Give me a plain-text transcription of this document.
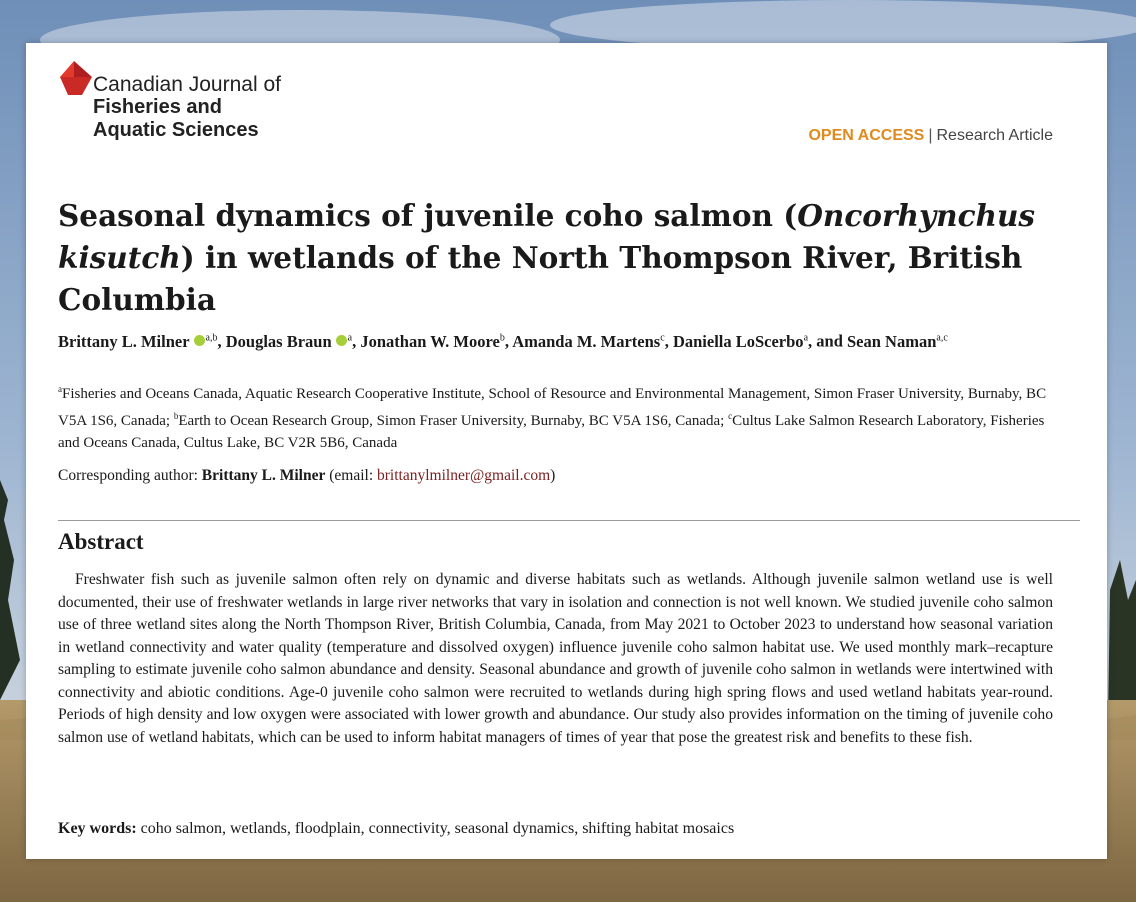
Canadian Journal of
Fisheries and
Aquatic Sciences	OPEN ACCESS | Research Article
Seasonal dynamics of juvenile coho salmon (Oncorhynchus kisutch) in wetlands of the North Thompson River, British Columbia
Brittany L. Milner $^{a,b}$, Douglas Braun $^a$, Jonathan W. Moore$^b$, Amanda M. Martens$^c$, Daniella LoScerbo$^a$, and Sean Naman$^{a,c}$
$^a$Fisheries and Oceans Canada, Aquatic Research Cooperative Institute, School of Resource and Environmental Management, Simon Fraser University, Burnaby, BC V5A 1S6, Canada; $^b$Earth to Ocean Research Group, Simon Fraser University, Burnaby, BC V5A 1S6, Canada; $^c$Cultus Lake Salmon Research Laboratory, Fisheries and Oceans Canada, Cultus Lake, BC V2R 5B6, Canada
Corresponding author: Brittany L. Milner (email: brittanylmilner@gmail.com)
Abstract

Freshwater fish such as juvenile salmon often rely on dynamic and diverse habitats such as wetlands. Although juvenile salmon wetland use is well documented, their use of freshwater wetlands in large river networks that vary in isolation and connection is not well known. We studied juvenile coho salmon use of three wetland sites along the North Thompson River, British Columbia, Canada, from May 2021 to October 2023 to understand how seasonal variation in wetland connectivity and water quality (temperature and dissolved oxygen) influence juvenile coho salmon habitat use. We used monthly mark–recapture sampling to estimate juvenile coho salmon abundance and density. Seasonal abundance and growth of juvenile coho salmon in wetlands were intertwined with connectivity and abiotic conditions. Age-0 juvenile coho salmon were recruited to wetlands during high spring flows and used wetland habitats year-round. Periods of high density and low oxygen were associated with lower growth and abundance. Our study also provides information on the timing of juvenile coho salmon use of wetland habitats, which can be used to inform habitat managers of times of year that pose the greatest risk and benefits to these fish.

Key words: coho salmon, wetlands, floodplain, connectivity, seasonal dynamics, shifting habitat mosaics
